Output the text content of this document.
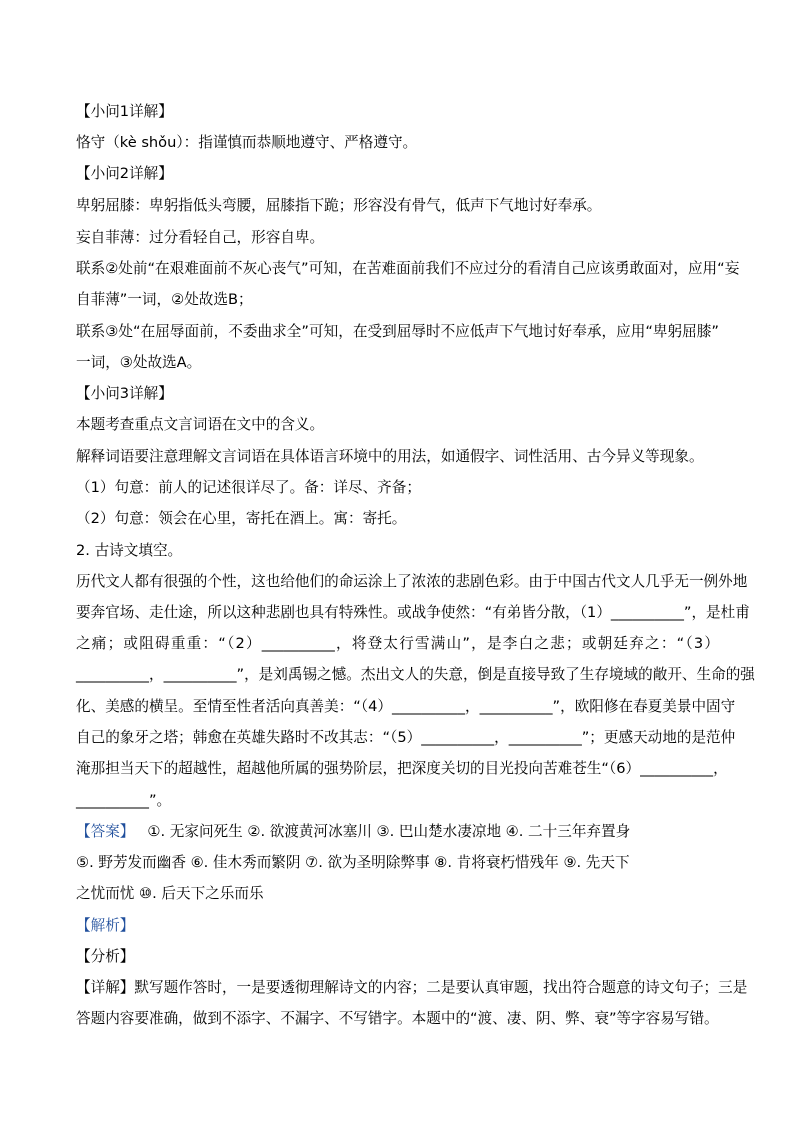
【小问1详解】
恪守（kè shǒu）：指谨慎而恭顺地遵守、严格遵守。
【小问2详解】
卑躬屈膝：卑躬指低头弯腰，屈膝指下跪；形容没有骨气，低声下气地讨好奉承。
妄自菲薄：过分看轻自己，形容自卑。
联系②处前“在艰难面前不灰心丧气”可知，在苦难面前我们不应过分的看清自己应该勇敢面对，应用“妄
自菲薄”一词，②处故选B；
联系③处“在屈辱面前，不委曲求全”可知，在受到屈辱时不应低声下气地讨好奉承，应用“卑躬屈膝”
一词，③处故选A。
【小问3详解】
本题考查重点文言词语在文中的含义。
解释词语要注意理解文言词语在具体语言环境中的用法，如通假字、词性活用、古今异义等现象。
（1）句意：前人的记述很详尽了。备：详尽、齐备；
（2）句意：领会在心里，寄托在酒上。寓：寄托。
2. 古诗文填空。
历代文人都有很强的个性，这也给他们的命运涂上了浓浓的悲剧色彩。由于中国古代文人几乎无一例外地
要奔官场、走仕途，所以这种悲剧也具有特殊性。或战争使然：“有弟皆分散，（1）__________”，是杜甫
之痛；或阻碍重重：“（2）__________，将登太行雪满山”，是李白之悲；或朝廷弃之：“（3）
__________，__________”，是刘禹锡之憾。杰出文人的失意，倒是直接导致了生存境域的敞开、生命的强
化、美感的横呈。至情至性者活向真善美：“（4）__________，__________”，欧阳修在春夏美景中固守
自己的象牙之塔；韩愈在英雄失路时不改其志：“（5）__________，__________”；更感天动地的是范仲
淹那担当天下的超越性，超越他所属的强势阶层，把深度关切的目光投向苦难苍生“（6）__________，
__________”。
【答案】 ①. 无家问死生 ②. 欲渡黄河冰塞川 ③. 巴山楚水凄凉地 ④. 二十三年弃置身
⑤. 野芳发而幽香 ⑥. 佳木秀而繁阴 ⑦. 欲为圣明除弊事 ⑧. 肯将衰朽惜残年 ⑨. 先天下
之忧而忧 ⑩. 后天下之乐而乐
【解析】
【分析】
【详解】默写题作答时，一是要透彻理解诗文的内容；二是要认真审题，找出符合题意的诗文句子；三是
答题内容要准确，做到不添字、不漏字、不写错字。本题中的“渡、凄、阴、弊、衰”等字容易写错。
